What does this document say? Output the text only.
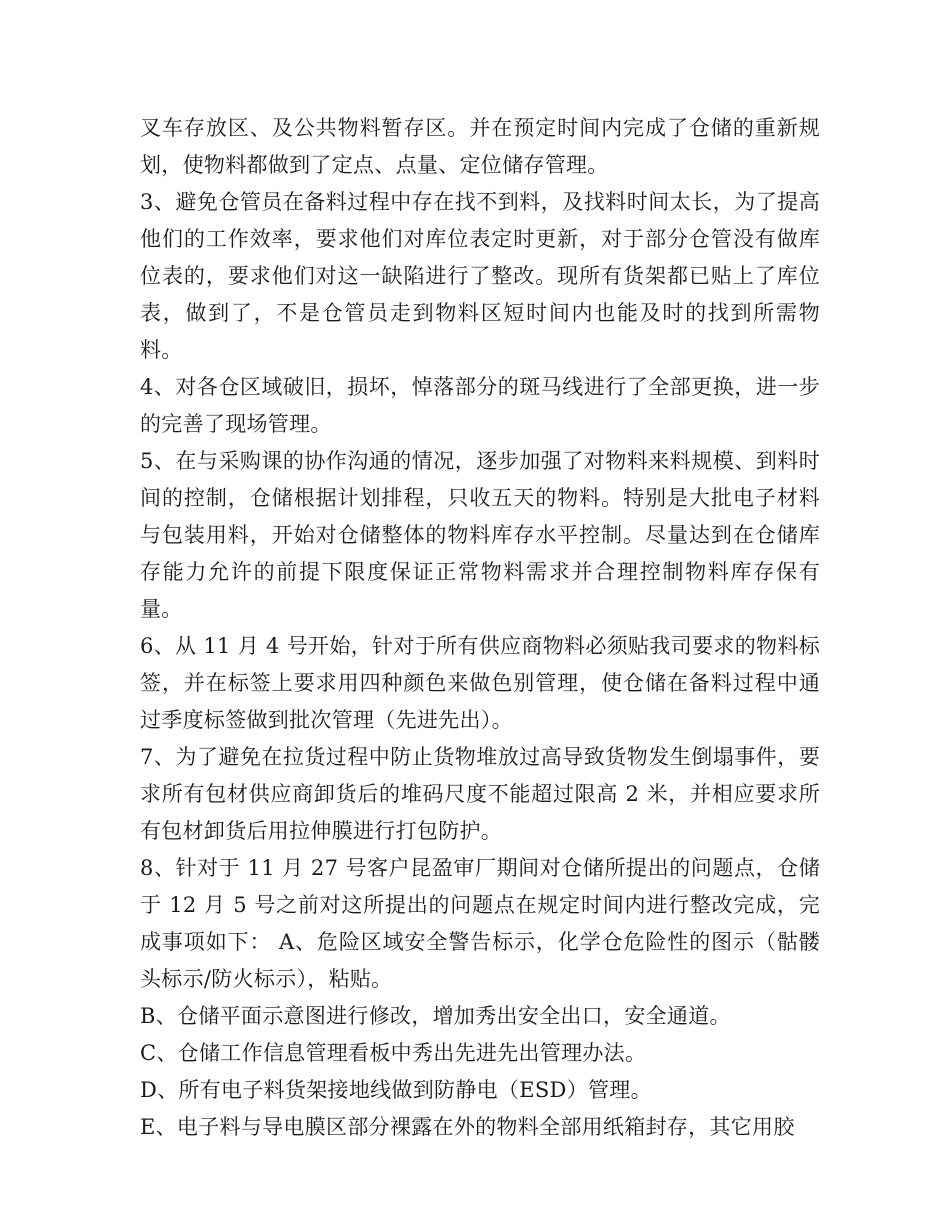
叉车存放区、及公共物料暂存区。并在预定时间内完成了仓储的重新规划，使物料都做到了定点、点量、定位储存管理。

3、避免仓管员在备料过程中存在找不到料，及找料时间太长，为了提高他们的工作效率，要求他们对库位表定时更新，对于部分仓管没有做库位表的，要求他们对这一缺陷进行了整改。现所有货架都已贴上了库位表，做到了，不是仓管员走到物料区短时间内也能及时的找到所需物料。

4、对各仓区域破旧，损坏，悼落部分的斑马线进行了全部更换，进一步的完善了现场管理。

5、在与采购课的协作沟通的情况，逐步加强了对物料来料规模、到料时间的控制，仓储根据计划排程，只收五天的物料。特别是大批电子材料与包装用料，开始对仓储整体的物料库存水平控制。尽量达到在仓储库存能力允许的前提下限度保证正常物料需求并合理控制物料库存保有量。

6、从 11 月 4 号开始，针对于所有供应商物料必须贴我司要求的物料标签，并在标签上要求用四种颜色来做色别管理，使仓储在备料过程中通过季度标签做到批次管理（先进先出）。

7、为了避免在拉货过程中防止货物堆放过高导致货物发生倒塌事件，要求所有包材供应商卸货后的堆码尺度不能超过限高 2 米，并相应要求所有包材卸货后用拉伸膜进行打包防护。

8、针对于 11 月 27 号客户昆盈审厂期间对仓储所提出的问题点，仓储于 12 月 5 号之前对这所提出的问题点在规定时间内进行整改完成，完成事项如下： A、危险区域安全警告标示，化学仓危险性的图示（骷髅头标示/防火标示），粘贴。

B、仓储平面示意图进行修改，增加秀出安全出口，安全通道。

C、仓储工作信息管理看板中秀出先进先出管理办法。

D、所有电子料货架接地线做到防静电（ESD）管理。

E、电子料与导电膜区部分裸露在外的物料全部用纸箱封存，其它用胶
